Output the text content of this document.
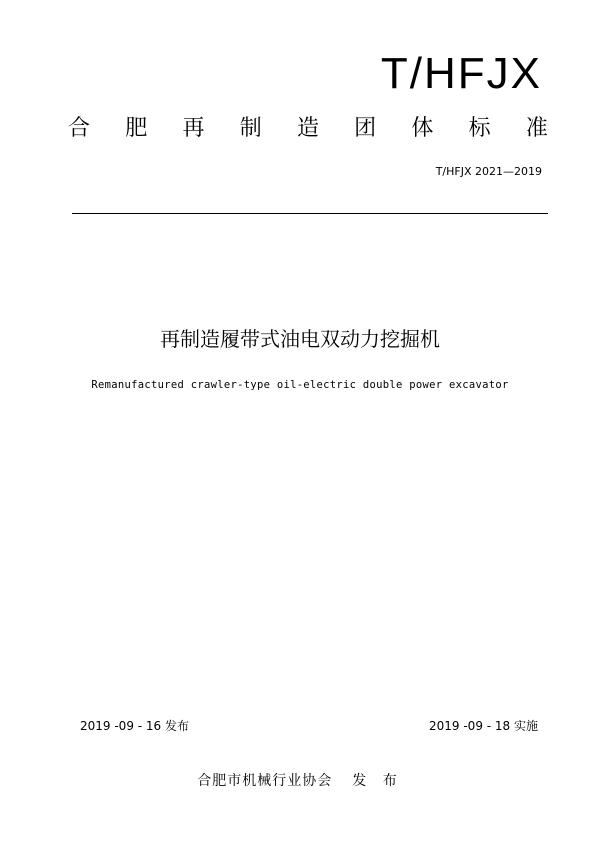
T/HFJX
合 肥 再 制 造 团 体 标 准
T/HFJX 2021—2019
再制造履带式油电双动力挖掘机
Remanufactured crawler-type oil-electric double power excavator
2019 -09 - 16 发布	2019 -09 - 18 实施
合肥市机械行业协会 发 布
